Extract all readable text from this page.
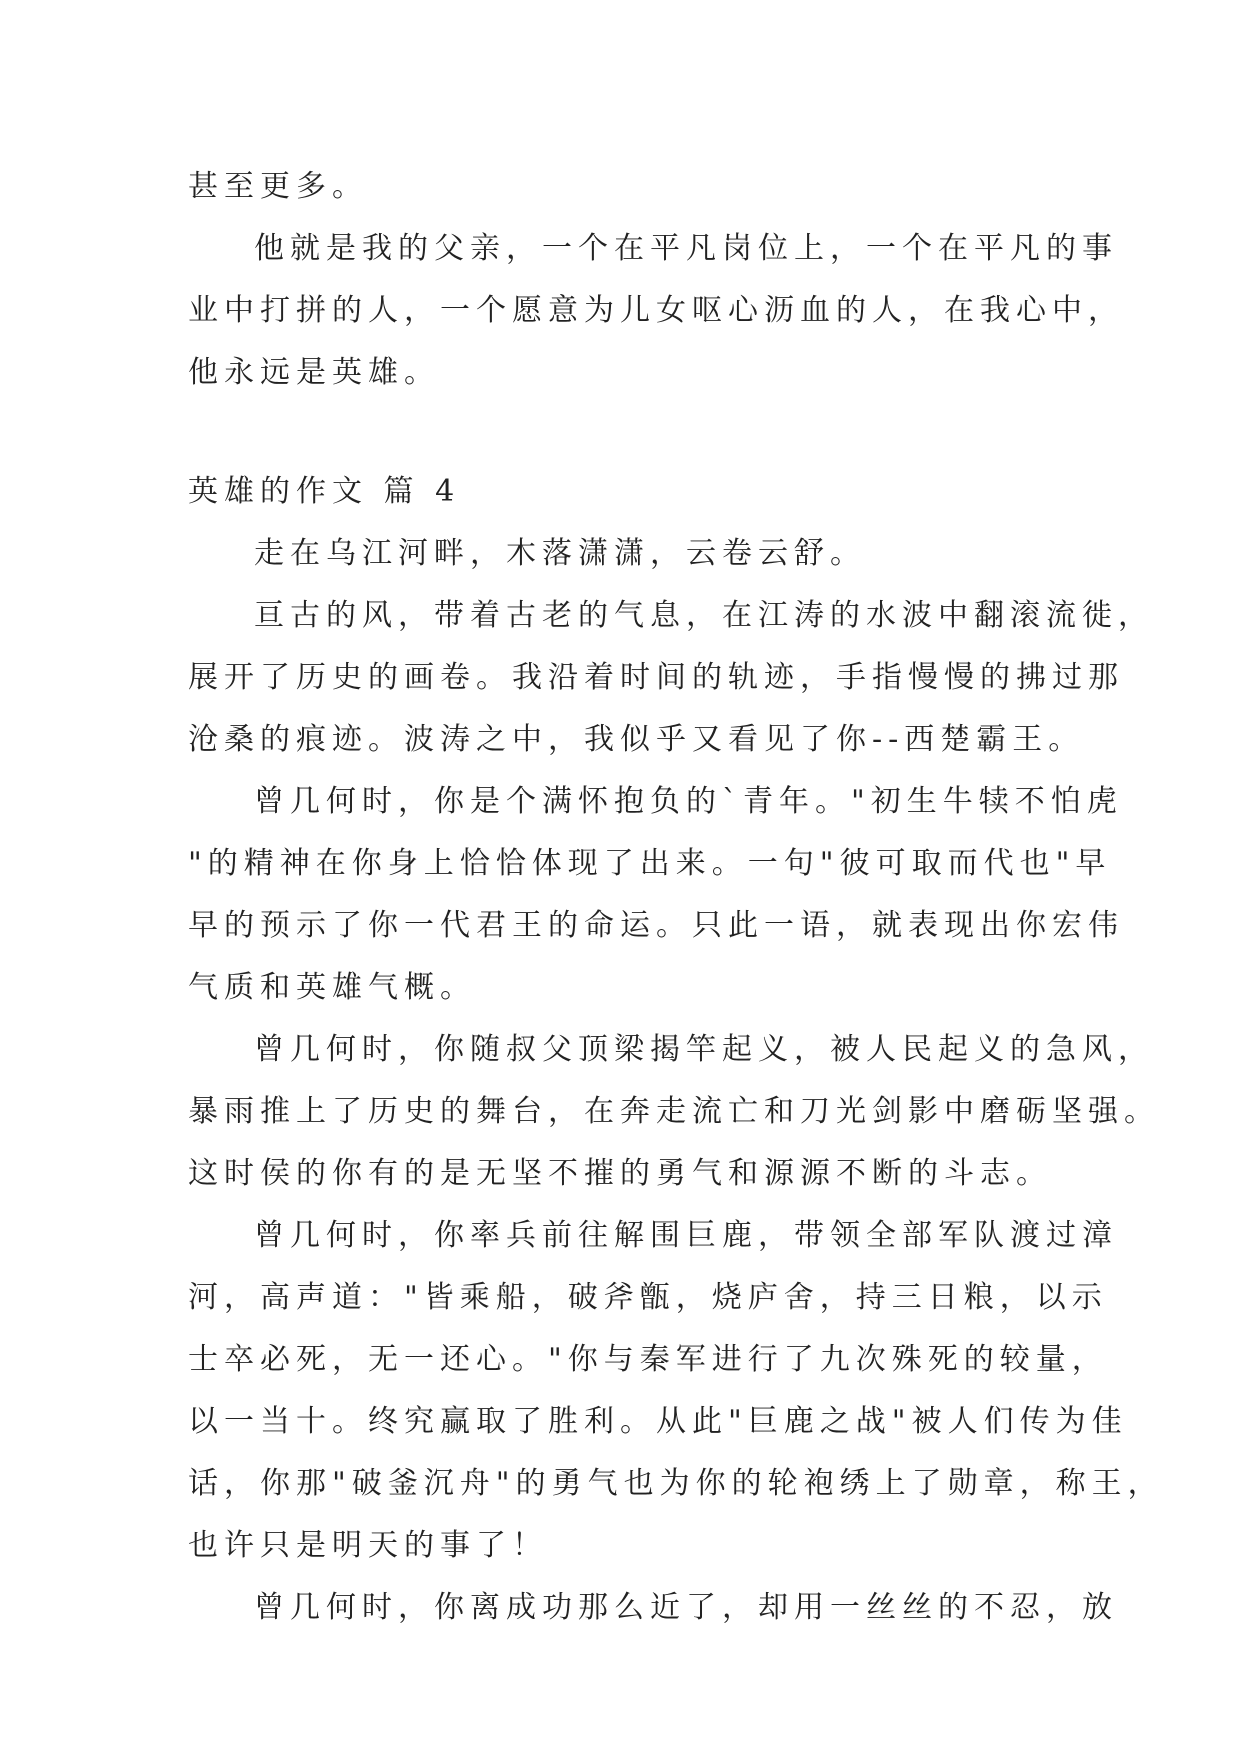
甚至更多。
他就是我的父亲，一个在平凡岗位上，一个在平凡的事
业中打拼的人，一个愿意为儿女呕心沥血的人，在我心中，
他永远是英雄。
英雄的作文 篇 4
走在乌江河畔，木落潇潇，云卷云舒。
亘古的风，带着古老的气息，在江涛的水波中翻滚流徙，
展开了历史的画卷。我沿着时间的轨迹，手指慢慢的拂过那
沧桑的痕迹。波涛之中，我似乎又看见了你--西楚霸王。
曾几何时，你是个满怀抱负的`青年。"初生牛犊不怕虎
"的精神在你身上恰恰体现了出来。一句"彼可取而代也"早
早的预示了你一代君王的命运。只此一语，就表现出你宏伟
气质和英雄气概。
曾几何时，你随叔父顶梁揭竿起义，被人民起义的急风，
暴雨推上了历史的舞台，在奔走流亡和刀光剑影中磨砺坚强。
这时侯的你有的是无坚不摧的勇气和源源不断的斗志。
曾几何时，你率兵前往解围巨鹿，带领全部军队渡过漳
河，高声道："皆乘船，破斧甑，烧庐舍，持三日粮，以示
士卒必死，无一还心。"你与秦军进行了九次殊死的较量，
以一当十。终究赢取了胜利。从此"巨鹿之战"被人们传为佳
话，你那"破釜沉舟"的勇气也为你的轮袍绣上了勋章，称王，
也许只是明天的事了！
曾几何时，你离成功那么近了，却用一丝丝的不忍，放
